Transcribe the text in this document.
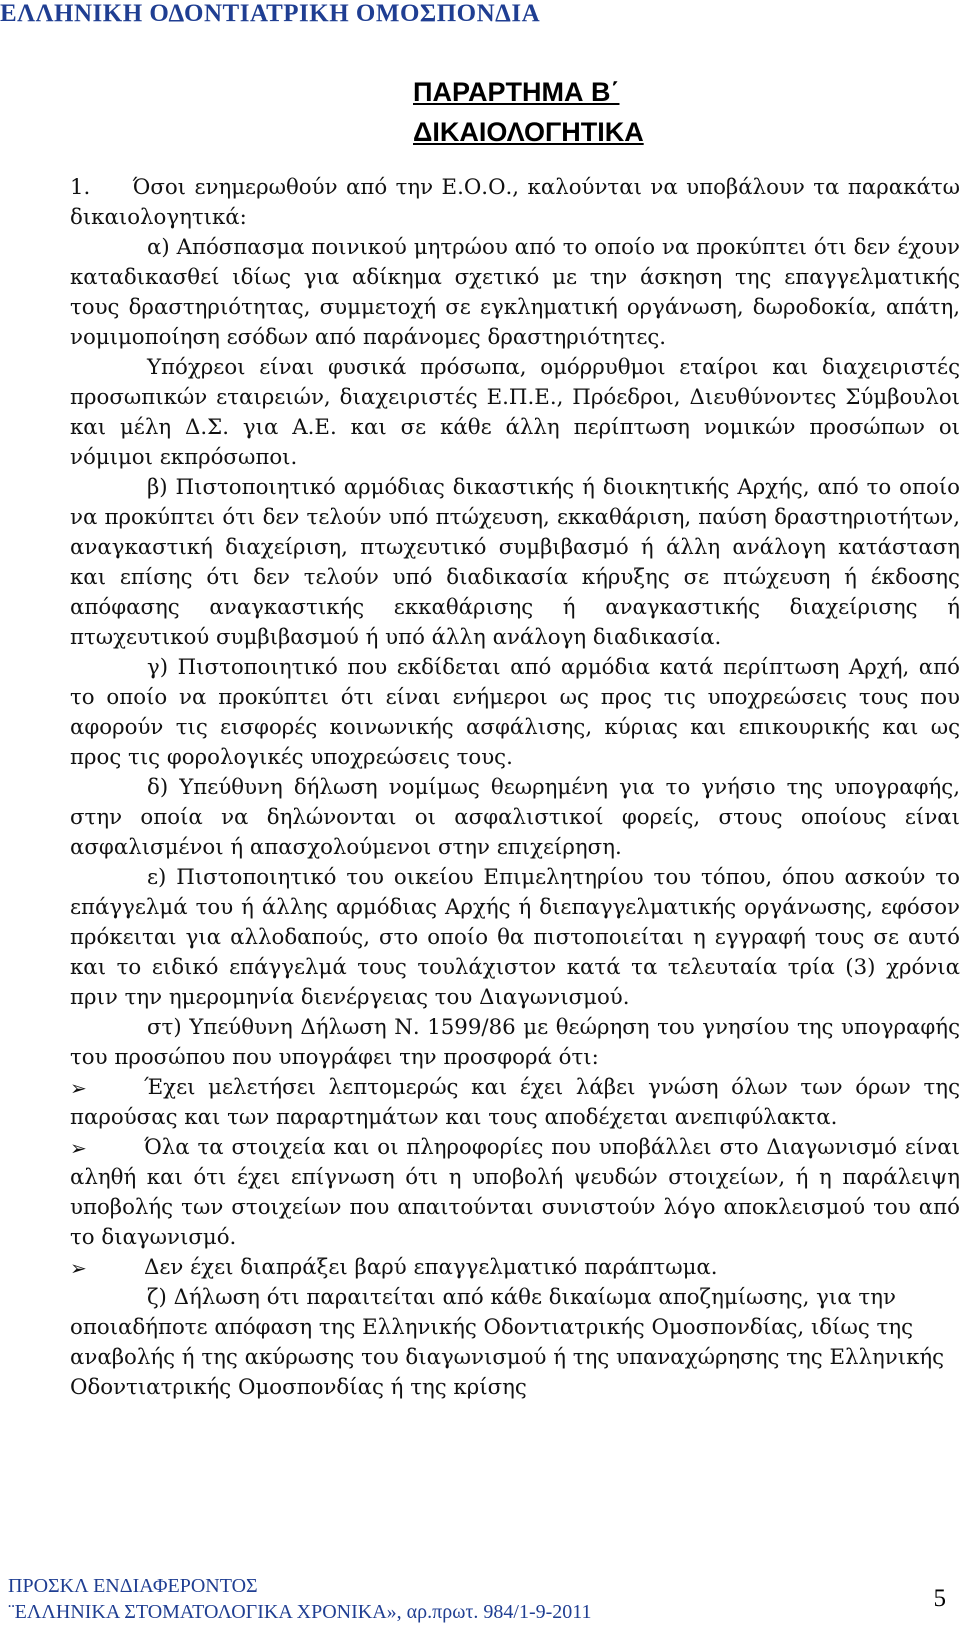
ΕΛΛΗΝΙΚΗ ΟΔΟΝΤΙΑΤΡΙΚΗ ΟΜΟΣΠΟΝΔΙΑ
ΠΑΡΑΡΤΗΜΑ Β΄
ΔΙΚΑΙΟΛΟΓΗΤΙΚΑ

1.     Όσοι ενημερωθούν από την Ε.Ο.Ο., καλούνται να υποβάλουν τα παρακάτω δικαιολογητικά:

α) Απόσπασμα ποινικού μητρώου από το οποίο να προκύπτει ότι δεν έχουν καταδικασθεί ιδίως για αδίκημα σχετικό με την άσκηση της επαγγελματικής τους δραστηριότητας, συμμετοχή σε εγκληματική οργάνωση, δωροδοκία, απάτη, νομιμοποίηση εσόδων από παράνομες δραστηριότητες.

Υπόχρεοι είναι φυσικά πρόσωπα, ομόρρυθμοι εταίροι και διαχειριστές προσωπικών εταιρειών, διαχειριστές Ε.Π.Ε., Πρόεδροι, Διευθύνοντες Σύμβουλοι και μέλη Δ.Σ. για Α.Ε. και σε κάθε άλλη περίπτωση νομικών προσώπων οι νόμιμοι εκπρόσωποι.

β) Πιστοποιητικό αρμόδιας δικαστικής ή διοικητικής Αρχής, από το οποίο να προκύπτει ότι δεν τελούν υπό πτώχευση, εκκαθάριση, παύση δραστηριοτήτων, αναγκαστική διαχείριση, πτωχευτικό συμβιβασμό ή άλλη ανάλογη κατάσταση και επίσης ότι δεν τελούν υπό διαδικασία κήρυξης σε πτώχευση ή έκδοσης απόφασης αναγκαστικής εκκαθάρισης ή αναγκαστικής διαχείρισης ή πτωχευτικού συμβιβασμού ή υπό άλλη ανάλογη διαδικασία.

γ) Πιστοποιητικό που εκδίδεται από αρμόδια κατά περίπτωση Αρχή, από το οποίο να προκύπτει ότι είναι ενήμεροι ως προς τις υποχρεώσεις τους που αφορούν τις εισφορές κοινωνικής ασφάλισης, κύριας και επικουρικής και ως προς τις φορολογικές υποχρεώσεις τους.

δ) Υπεύθυνη δήλωση νομίμως θεωρημένη για το γνήσιο της υπογραφής, στην οποία να δηλώνονται οι ασφαλιστικοί φορείς, στους οποίους είναι ασφαλισμένοι ή απασχολούμενοι στην επιχείρηση.

ε) Πιστοποιητικό του οικείου Επιμελητηρίου του τόπου, όπου ασκούν το επάγγελμά του ή άλλης αρμόδιας Αρχής ή διεπαγγελματικής οργάνωσης, εφόσον πρόκειται για αλλοδαπούς, στο οποίο θα πιστοποιείται η εγγραφή τους σε αυτό και το ειδικό επάγγελμά τους τουλάχιστον κατά τα τελευταία τρία (3) χρόνια πριν την ημερομηνία διενέργειας του Διαγωνισμού.

στ) Υπεύθυνη Δήλωση Ν. 1599/86 με θεώρηση του γνησίου της υπογραφής του προσώπου που υπογράφει την προσφορά ότι:

➢	Έχει μελετήσει λεπτομερώς και έχει λάβει γνώση όλων των όρων της παρούσας και των παραρτημάτων και τους αποδέχεται ανεπιφύλακτα.
➢	Όλα τα στοιχεία και οι πληροφορίες που υποβάλλει στο Διαγωνισμό είναι αληθή και ότι έχει επίγνωση ότι η υποβολή ψευδών στοιχείων, ή η παράλειψη υποβολής των στοιχείων που απαιτούνται συνιστούν λόγο αποκλεισμού του από το διαγωνισμό.
➢	Δεν έχει διαπράξει βαρύ επαγγελματικό παράπτωμα.

ζ) Δήλωση ότι παραιτείται από κάθε δικαίωμα αποζημίωσης, για την οποιαδήποτε απόφαση της Ελληνικής Οδοντιατρικής Ομοσπονδίας, ιδίως της αναβολής ή της ακύρωσης του διαγωνισμού ή της υπαναχώρησης της Ελληνικής Οδοντιατρικής Ομοσπονδίας ή της κρίσης

ΠΡΟΣΚΛ ΕΝΔΙΑΦΕΡΟΝΤΟΣ
¨ΕΛΛΗΝΙΚΑ ΣΤΟΜΑΤΟΛΟΓΙΚΑ ΧΡΟΝΙΚΑ», αρ.πρωτ. 984/1-9-2011	5
